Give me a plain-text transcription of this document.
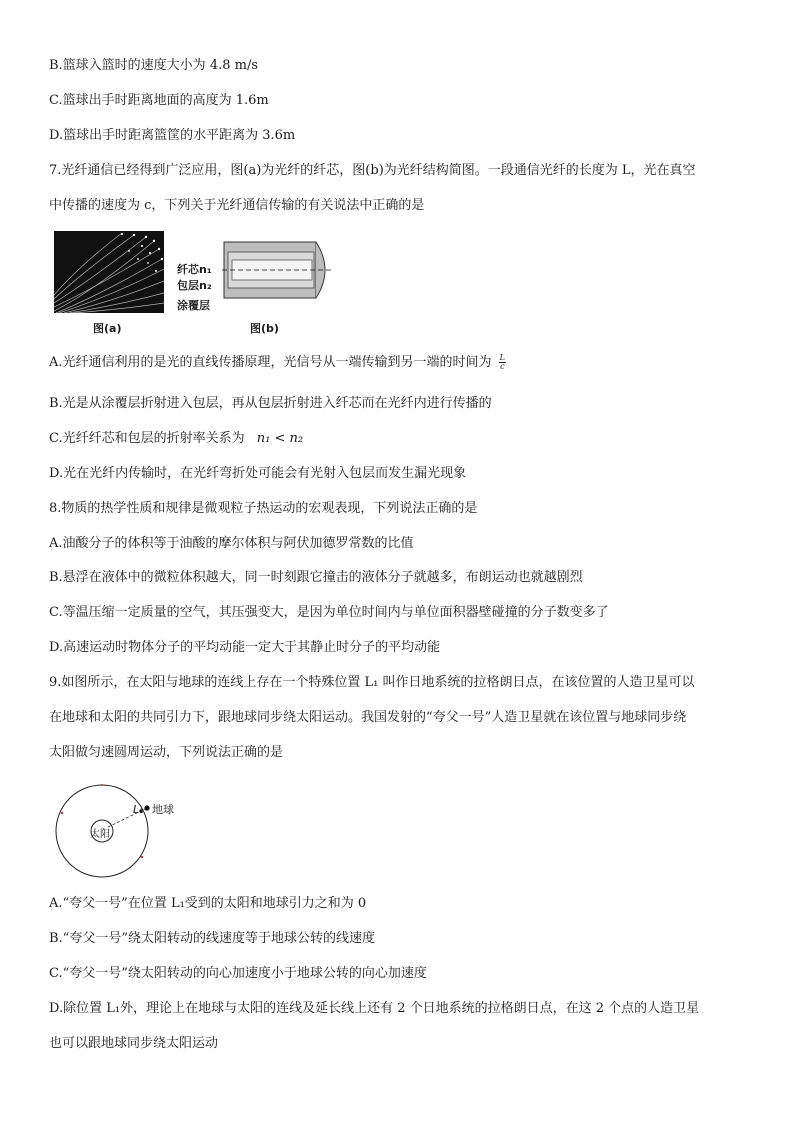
B.篮球入篮时的速度大小为 4.8 m/s
C.篮球出手时距离地面的高度为 1.6m
D.篮球出手时距离篮筐的水平距离为 3.6m
7.光纤通信已经得到广泛应用，图(a)为光纤的纤芯，图(b)为光纤结构简图。一段通信光纤的长度为 L，光在真空
中传播的速度为 c，下列关于光纤通信传输的有关说法中正确的是
图(a)
纤芯n₁
包层n₂
涂覆层
图(b)
A.光纤通信利用的是光的直线传播原理，光信号从一端传输到另一端的时间为 $\frac{L}{c}$
B.光是从涂覆层折射进入包层，再从包层折射进入纤芯而在光纤内进行传播的
C.光纤纤芯和包层的折射率关系为 n₁ < n₂
D.光在光纤内传输时，在光纤弯折处可能会有光射入包层而发生漏光现象
8.物质的热学性质和规律是微观粒子热运动的宏观表现，下列说法正确的是
A.油酸分子的体积等于油酸的摩尔体积与阿伏加德罗常数的比值
B.悬浮在液体中的微粒体积越大，同一时刻跟它撞击的液体分子就越多，布朗运动也就越剧烈
C.等温压缩一定质量的空气，其压强变大，是因为单位时间内与单位面积器壁碰撞的分子数变多了
D.高速运动时物体分子的平均动能一定大于其静止时分子的平均动能
9.如图所示，在太阳与地球的连线上存在一个特殊位置 L₁ 叫作日地系统的拉格朗日点，在该位置的人造卫星可以
在地球和太阳的共同引力下，跟地球同步绕太阳运动。我国发射的“夸父一号”人造卫星就在该位置与地球同步绕
太阳做匀速圆周运动，下列说法正确的是
太阳
L₁ 地球
A.“夸父一号”在位置 L₁受到的太阳和地球引力之和为 0
B.“夸父一号”绕太阳转动的线速度等于地球公转的线速度
C.“夸父一号”绕太阳转动的向心加速度小于地球公转的向心加速度
D.除位置 L₁外，理论上在地球与太阳的连线及延长线上还有 2 个日地系统的拉格朗日点，在这 2 个点的人造卫星
也可以跟地球同步绕太阳运动
